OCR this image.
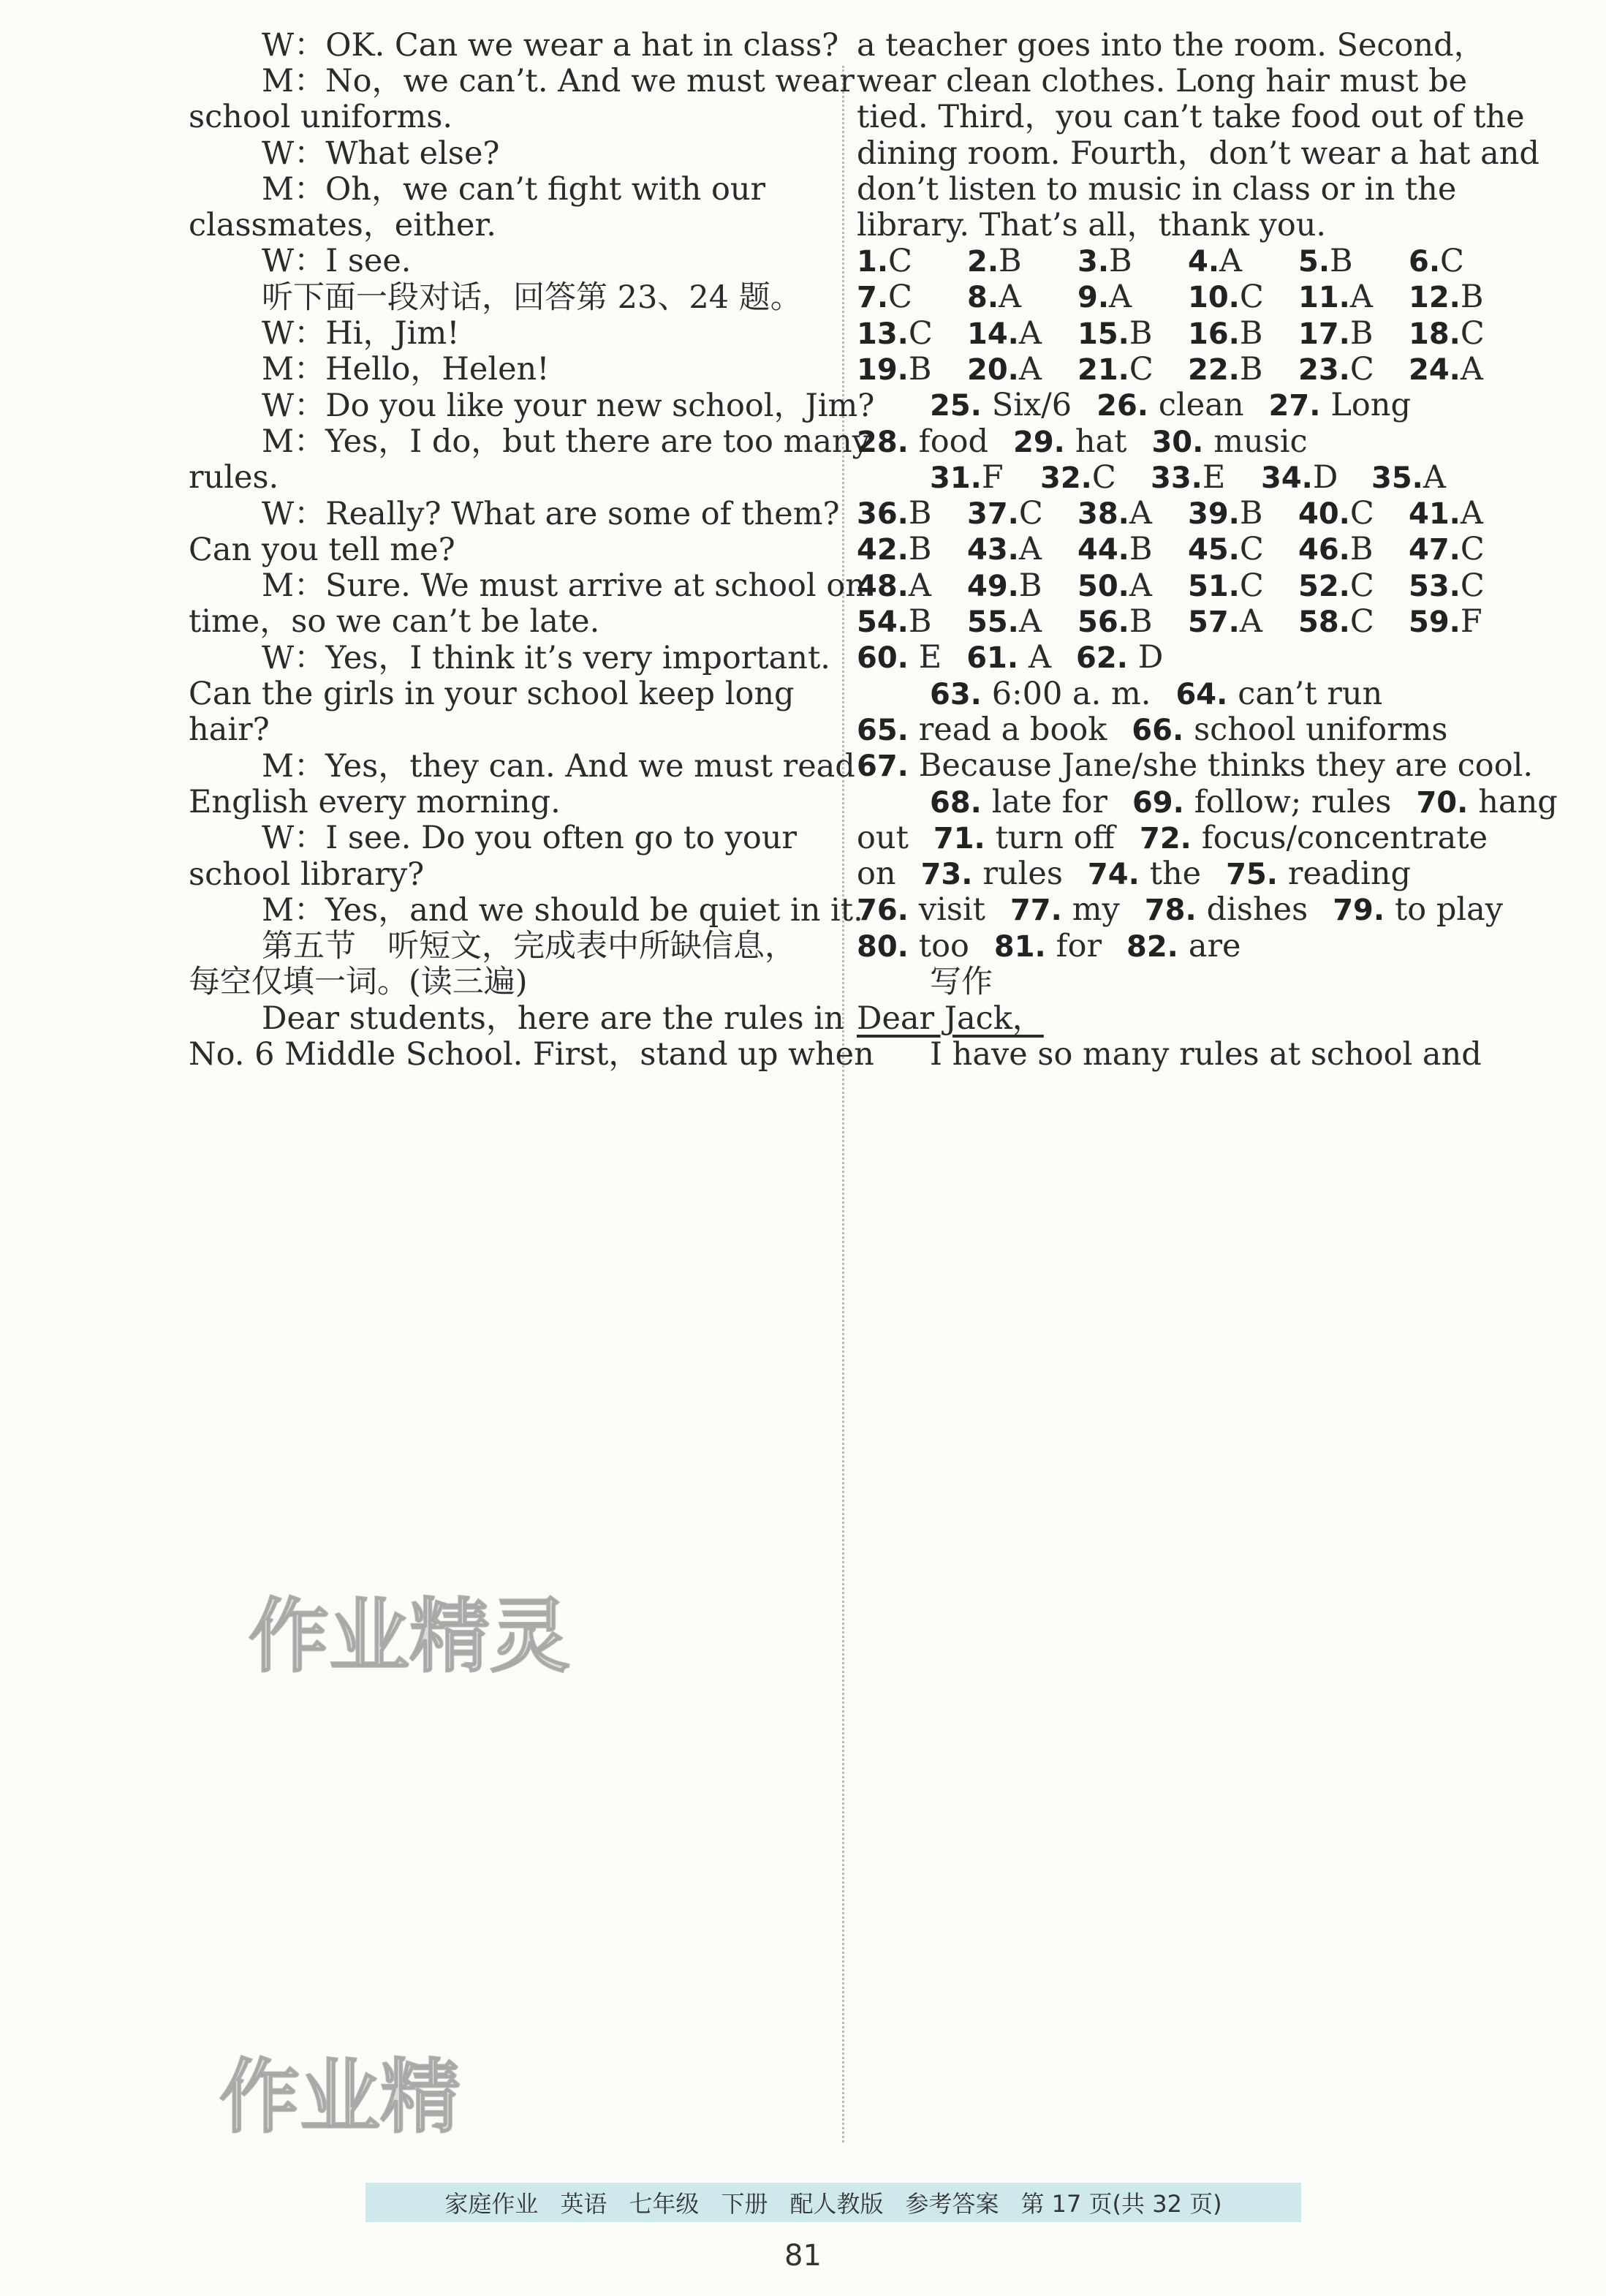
W：OK. Can we wear a hat in class?
M：No，we can’t. And we must wear
school uniforms.
W：What else?
M：Oh，we can’t fight with our
classmates，either.
W：I see.
听下面一段对话，回答第 23、24 题。
W：Hi，Jim!
M：Hello，Helen!
W：Do you like your new school，Jim?
M：Yes，I do，but there are too many
rules.
W：Really? What are some of them?
Can you tell me?
M：Sure. We must arrive at school on
time，so we can’t be late.
W：Yes，I think it’s very important.
Can the girls in your school keep long
hair?
M：Yes，they can. And we must read
English every morning.
W：I see. Do you often go to your
school library?
M：Yes，and we should be quiet in it.
第五节　听短文，完成表中所缺信息，
每空仅填一词。(读三遍)
Dear students，here are the rules in
No. 6 Middle School. First，stand up when
a teacher goes into the room. Second，
wear clean clothes. Long hair must be
tied. Third，you can’t take food out of the
dining room. Fourth，don’t wear a hat and
don’t listen to music in class or in the
library. That’s all，thank you.
1.C 2.B 3.B 4.A 5.B 6.C
7.C 8.A 9.A 10.C 11.A 12.B
13.C 14.A 15.B 16.B 17.B 18.C
19.B 20.A 21.C 22.B 23.C 24.A
25. Six/6 26. clean 27. Long
28. food 29. hat 30. music
31.F 32.C 33.E 34.D 35.A
36.B 37.C 38.A 39.B 40.C 41.A
42.B 43.A 44.B 45.C 46.B 47.C
48.A 49.B 50.A 51.C 52.C 53.C
54.B 55.A 56.B 57.A 58.C 59.F
60. E 61. A 62. D
63. 6:00 a. m. 64. can’t run
65. read a book 66. school uniforms
67. Because Jane/she thinks they are cool.
68. late for 69. follow; rules 70. hang
out 71. turn off 72. focus/concentrate
on 73. rules 74. the 75. reading
76. visit 77. my 78. dishes 79. to play
80. too 81. for 82. are
写作
Dear Jack，
I have so many rules at school and
作业精灵
作业精
家庭作业 英语 七年级 下册 配人教版 参考答案 第 17 页(共 32 页)
81
